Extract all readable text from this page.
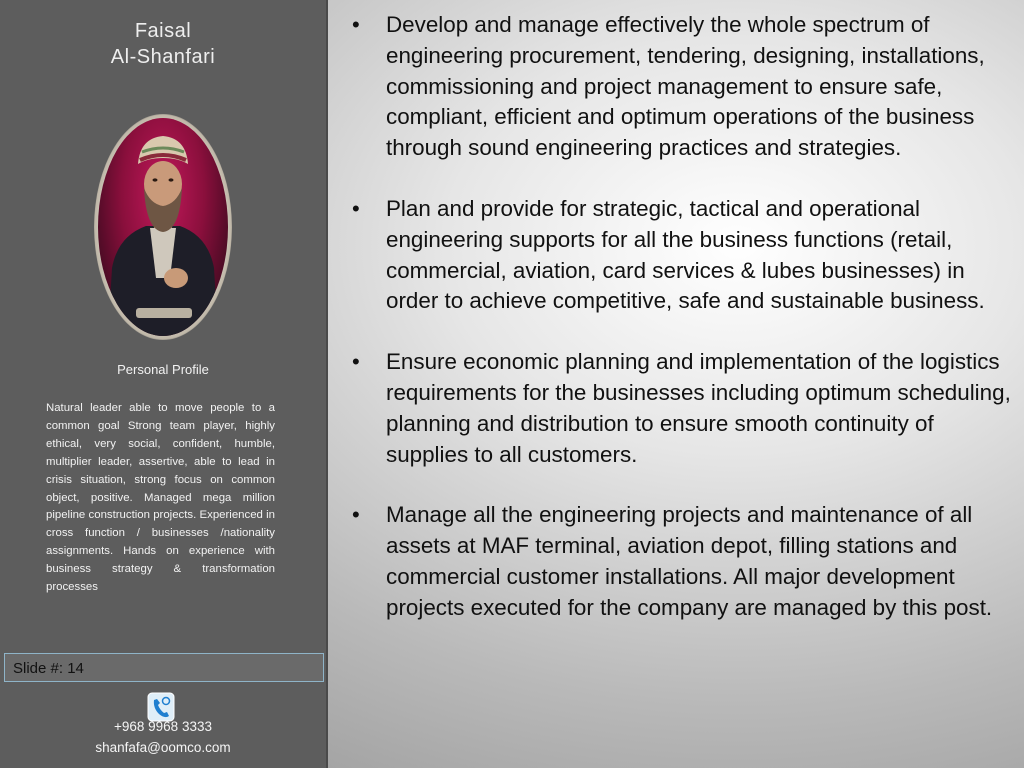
Faisal
Al-Shanfari
Personal Profile

Natural leader able to move people to a common goal Strong team player, highly ethical, very social, confident, humble, multiplier leader, assertive, able to lead in crisis situation, strong focus on common object, positive. Managed mega million pipeline construction projects. Experienced in cross function / businesses /nationality assignments. Hands on experience with business strategy & transformation processes

Slide #: 14
+968 9968 3333
shanfafa@oomco.com
• Develop and manage effectively the whole spectrum of engineering procurement, tendering, designing, installations, commissioning and project management to ensure safe, compliant, efficient and optimum operations of the business through sound engineering practices and strategies.
• Plan and provide for strategic, tactical and operational engineering supports for all the business functions (retail, commercial, aviation, card services & lubes businesses) in order to achieve competitive, safe and sustainable business.
• Ensure economic planning and implementation of the logistics requirements for the businesses including optimum scheduling, planning and distribution to ensure smooth continuity of supplies to all customers.
• Manage all the engineering projects and maintenance of all assets at MAF terminal, aviation depot, filling stations and commercial customer installations. All major development projects executed for the company are managed by this post.
